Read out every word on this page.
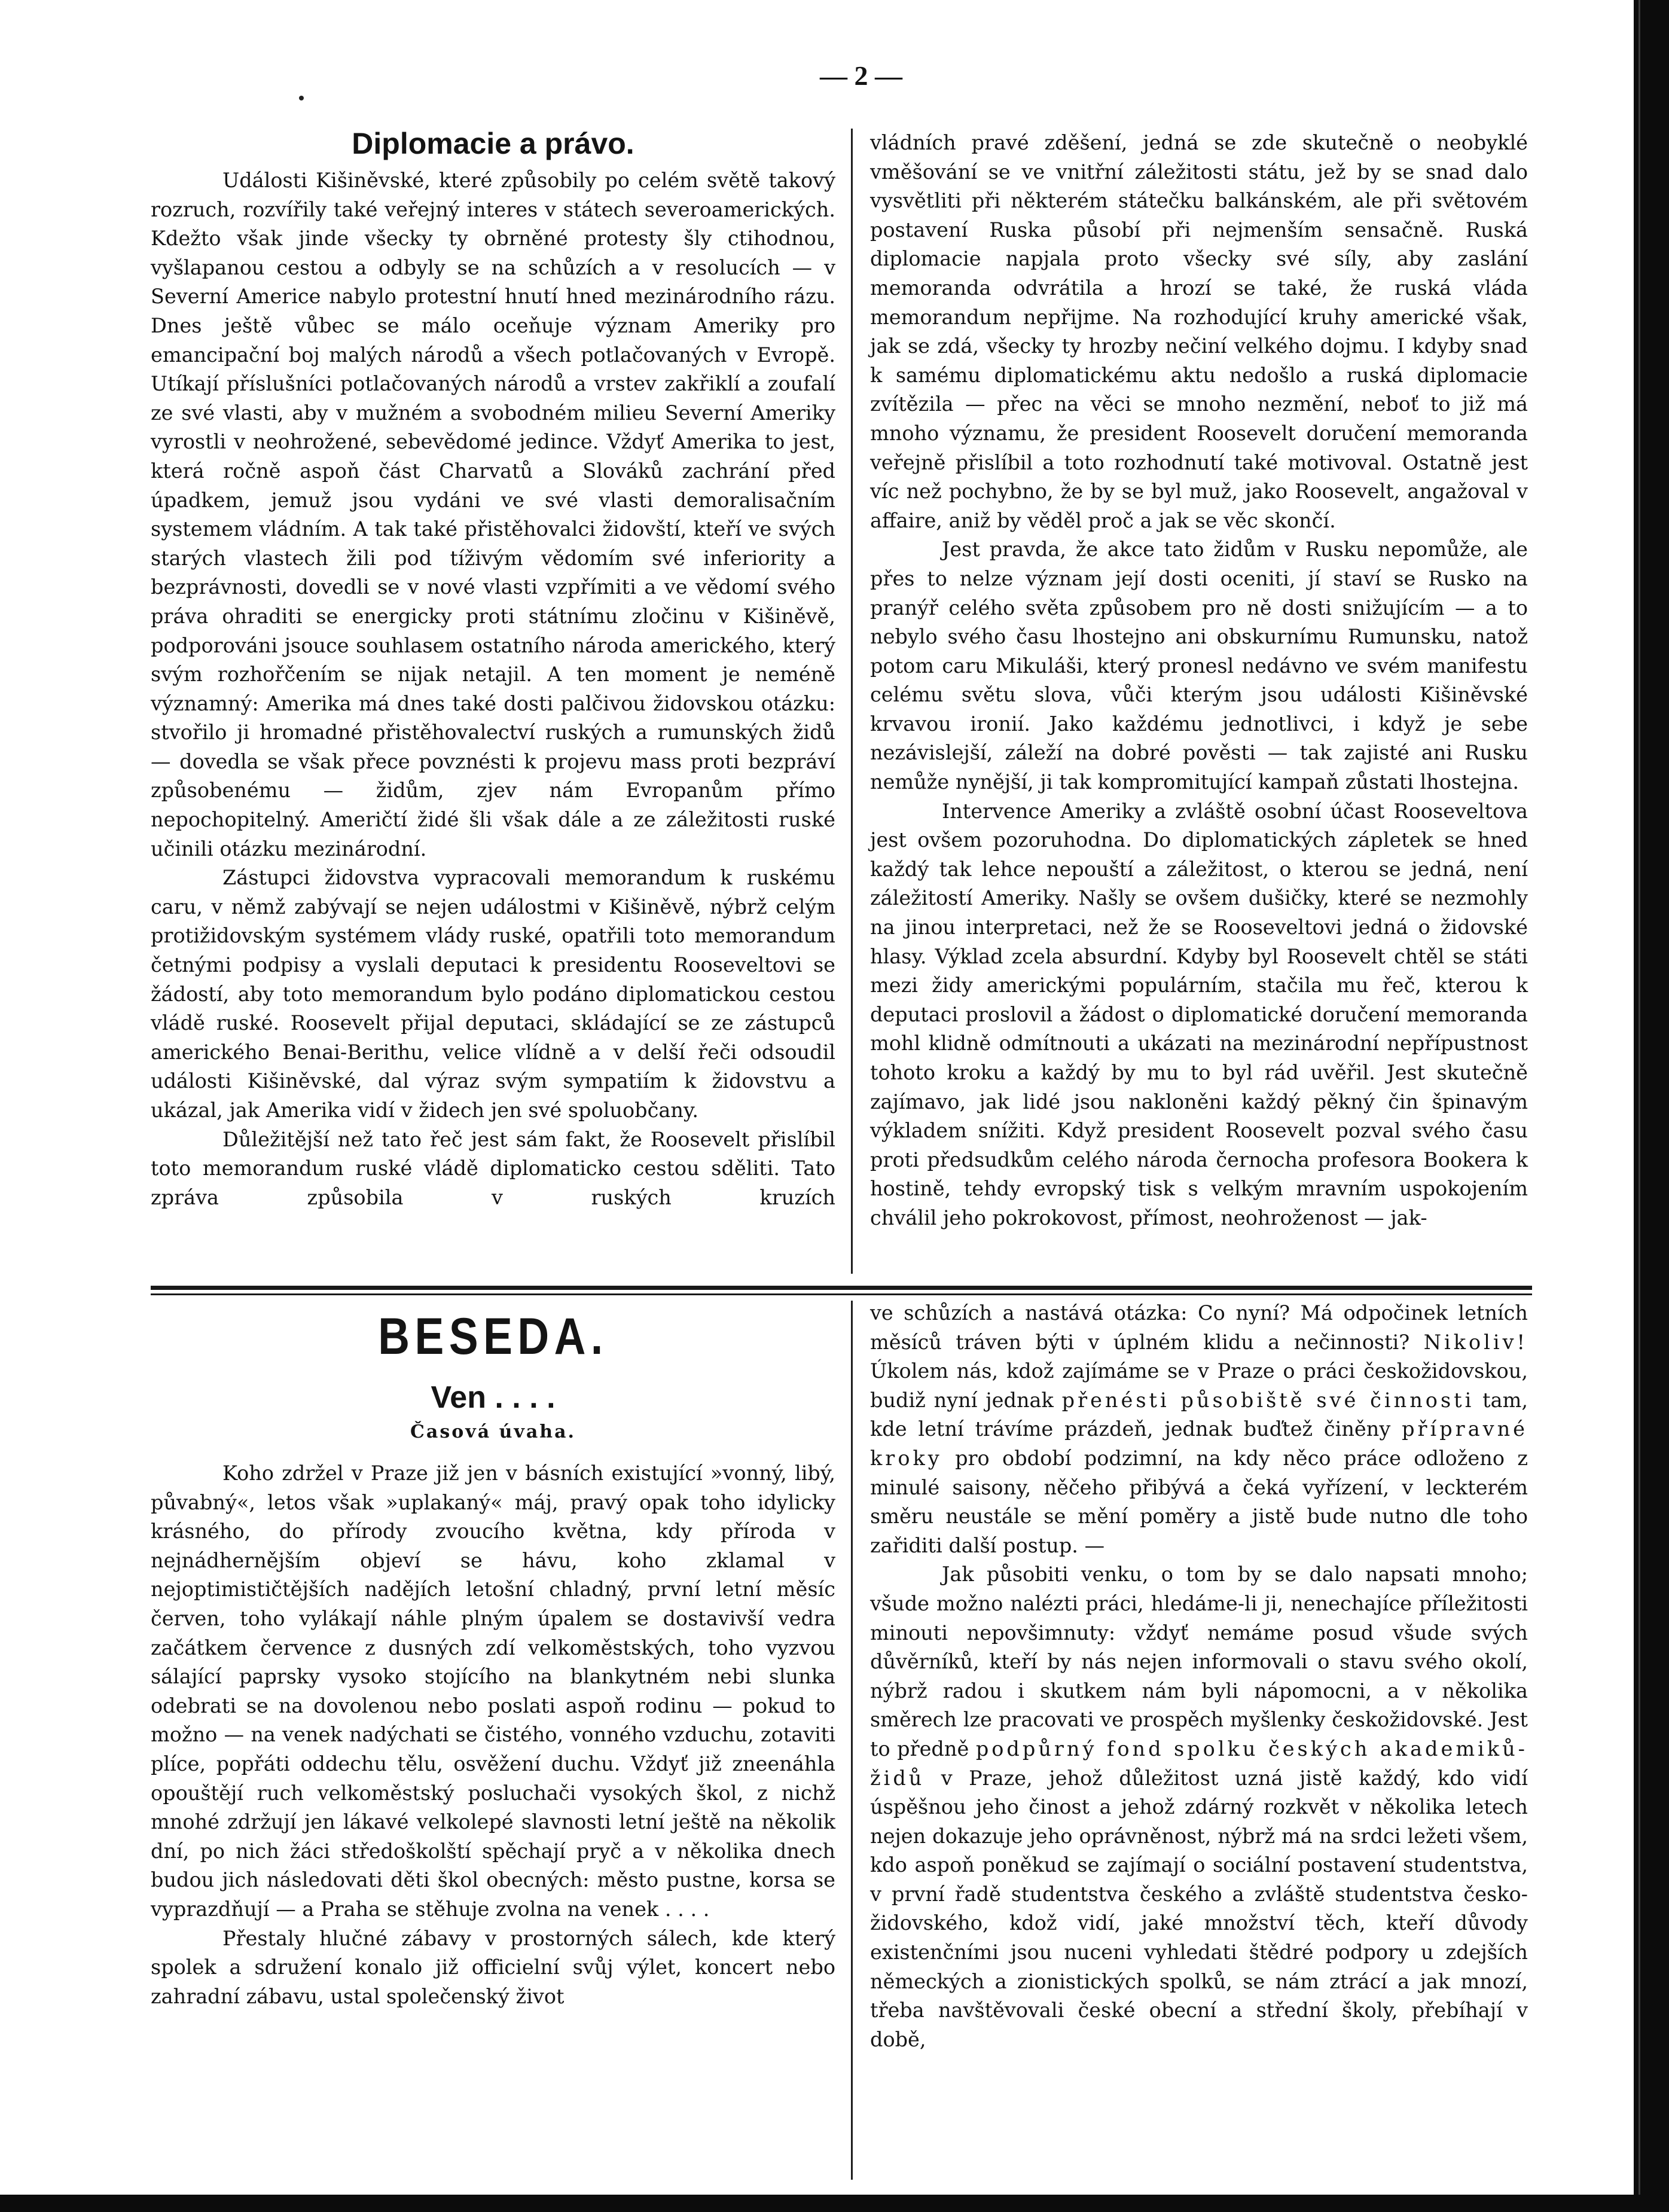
— 2 —
Diplomacie a právo.

Události Kišiněvské, které způsobily po celém světě takový rozruch, rozvířily také veřejný interes v státech severoamerických. Kdežto však jinde všecky ty obrněné protesty šly ctihodnou, vyšlapanou cestou a odbyly se na schůzích a v resolucích — v Severní Americe nabylo protestní hnutí hned mezinárodního rázu. Dnes ještě vůbec se málo oceňuje význam Ameriky pro emancipační boj malých národů a všech potlačovaných v Evropě. Utíkají příslušníci potlačovaných národů a vrstev zakřiklí a zoufalí ze své vlasti, aby v mužném a svobodném milieu Severní Ameriky vyrostli v neohrožené, sebevědomé jedince. Vždyť Amerika to jest, která ročně aspoň část Charvatů a Slováků zachrání před úpadkem, jemuž jsou vydáni ve své vlasti demoralisačním systemem vládním. A tak také přistěhovalci židovští, kteří ve svých starých vlastech žili pod tíživým vědomím své inferiority a bezprávnosti, dovedli se v nové vlasti vzpřímiti a ve vědomí svého práva ohraditi se energicky proti státnímu zločinu v Kišiněvě, podporováni jsouce souhlasem ostatního národa amerického, který svým rozhořčením se nijak netajil. A ten moment je neméně významný: Amerika má dnes také dosti palčivou židovskou otázku: stvořilo ji hromadné přistěhovalectví ruských a rumunských židů — dovedla se však přece povznésti k projevu mass proti bezpráví způsobenému — židům, zjev nám Evropanům přímo nepochopitelný. Američtí židé šli však dále a ze záležitosti ruské učinili otázku mezinárodní.

Zástupci židovstva vypracovali memorandum k ruskému caru, v němž zabývají se nejen událostmi v Kišiněvě, nýbrž celým protižidovským systémem vlády ruské, opatřili toto memorandum četnými podpisy a vyslali deputaci k presidentu Rooseveltovi se žádostí, aby toto memorandum bylo podáno diplomatickou cestou vládě ruské. Roosevelt přijal deputaci, skládající se ze zástupců amerického Benai-Berithu, velice vlídně a v delší řeči odsoudil události Kišiněvské, dal výraz svým sympatiím k židovstvu a ukázal, jak Amerika vidí v židech jen své spoluobčany.

Důležitější než tato řeč jest sám fakt, že Roosevelt přislíbil toto memorandum ruské vládě diplomaticko cestou sděliti. Tato zpráva způsobila v ruských kruzích

vládních pravé zděšení, jedná se zde skutečně o neobyklé vměšování se ve vnitřní záležitosti státu, jež by se snad dalo vysvětliti při některém státečku balkánském, ale při světovém postavení Ruska působí při nejmenším sensačně. Ruská diplomacie napjala proto všecky své síly, aby zaslání memoranda odvrátila a hrozí se také, že ruská vláda memorandum nepřijme. Na rozhodující kruhy americké však, jak se zdá, všecky ty hrozby nečiní velkého dojmu. I kdyby snad k samému diplomatickému aktu nedošlo a ruská diplomacie zvítězila — přec na věci se mnoho nezmění, neboť to již má mnoho významu, že president Roosevelt doručení memoranda veřejně přislíbil a toto rozhodnutí také motivoval. Ostatně jest víc než pochybno, že by se byl muž, jako Roosevelt, angažoval v affaire, aniž by věděl proč a jak se věc skončí.

Jest pravda, že akce tato židům v Rusku nepomůže, ale přes to nelze význam její dosti oceniti, jí staví se Rusko na pranýř celého světa způsobem pro ně dosti snižujícím — a to nebylo svého času lhostejno ani obskurnímu Rumunsku, natož potom caru Mikuláši, který pronesl nedávno ve svém manifestu celému světu slova, vůči kterým jsou události Kišiněvské krvavou ironií. Jako každému jednotlivci, i když je sebe nezávislejší, záleží na dobré pověsti — tak zajisté ani Rusku nemůže nynější, ji tak kompromitující kampaň zůstati lhostejna.

Intervence Ameriky a zvláště osobní účast Rooseveltova jest ovšem pozoruhodna. Do diplomatických zápletek se hned každý tak lehce nepouští a záležitost, o kterou se jedná, není záležitostí Ameriky. Našly se ovšem dušičky, které se nezmohly na jinou interpretaci, než že se Rooseveltovi jedná o židovské hlasy. Výklad zcela absurdní. Kdyby byl Roosevelt chtěl se státi mezi židy americkými populárním, stačila mu řeč, kterou k deputaci proslovil a žádost o diplomatické doručení memoranda mohl klidně odmítnouti a ukázati na mezinárodní nepřípustnost tohoto kroku a každý by mu to byl rád uvěřil. Jest skutečně zajímavo, jak lidé jsou nakloněni každý pěkný čin špinavým výkladem snížiti. Když president Roosevelt pozval svého času proti předsudkům celého národa černocha profesora Bookera k hostině, tehdy evropský tisk s velkým mravním uspokojením chválil jeho pokrokovost, přímost, neohroženost — jak-

BESEDA.
Ven . . . .
Časová úvaha.

Koho zdržel v Praze již jen v básních existující »vonný, libý, půvabný«, letos však »uplakaný« máj, pravý opak toho idylicky krásného, do přírody zvoucího května, kdy příroda v nejnádhernějším objeví se hávu, koho zklamal v nejoptimističtějších nadějích letošní chladný, první letní měsíc červen, toho vylákají náhle plným úpalem se dostavivší vedra začátkem července z dusných zdí velkoměstských, toho vyzvou sálající paprsky vysoko stojícího na blankytném nebi slunka odebrati se na dovolenou nebo poslati aspoň rodinu — pokud to možno — na venek nadýchati se čistého, vonného vzduchu, zotaviti plíce, popřáti oddechu tělu, osvěžení duchu. Vždyť již zneenáhla opouštějí ruch velkoměstský posluchači vysokých škol, z nichž mnohé zdržují jen lákavé velkolepé slavnosti letní ještě na několik dní, po nich žáci středoškolští spěchají pryč a v několika dnech budou jich následovati děti škol obecných: město pustne, korsa se vyprazdňují — a Praha se stěhuje zvolna na venek . . . .

Přestaly hlučné zábavy v prostorných sálech, kde který spolek a sdružení konalo již officielní svůj výlet, koncert nebo zahradní zábavu, ustal společenský život

ve schůzích a nastává otázka: Co nyní? Má odpočinek letních měsíců tráven býti v úplném klidu a nečinnosti? Nikoliv! Úkolem nás, kdož zajímáme se v Praze o práci českožidovskou, budiž nyní jednak přenésti působiště své činnosti tam, kde letní trávíme prázdeň, jednak buďtež činěny přípravné kroky pro období podzimní, na kdy něco práce odloženo z minulé saisony, něčeho přibývá a čeká vyřízení, v leckterém směru neustále se mění poměry a jistě bude nutno dle toho zařiditi další postup. —

Jak působiti venku, o tom by se dalo napsati mnoho; všude možno nalézti práci, hledáme-li ji, nenechajíce příležitosti minouti nepovšimnuty: vždyť nemáme posud všude svých důvěrníků, kteří by nás nejen informovali o stavu svého okolí, nýbrž radou i skutkem nám byli nápomocni, a v několika směrech lze pracovati ve prospěch myšlenky českožidovské. Jest to předně podpůrný fond spolku českých akademiků-židů v Praze, jehož důležitost uzná jistě každý, kdo vidí úspěšnou jeho činost a jehož zdárný rozkvět v několika letech nejen dokazuje jeho oprávněnost, nýbrž má na srdci ležeti všem, kdo aspoň poněkud se zajímají o sociální postavení studentstva, v první řadě studentstva českého a zvláště studentstva česko-židovského, kdož vidí, jaké množství těch, kteří důvody existenčními jsou nuceni vyhledati štědré podpory u zdejších německých a zionistických spolků, se nám ztrácí a jak mnozí, třeba navštěvovali české obecní a střední školy, přebíhají v době,
